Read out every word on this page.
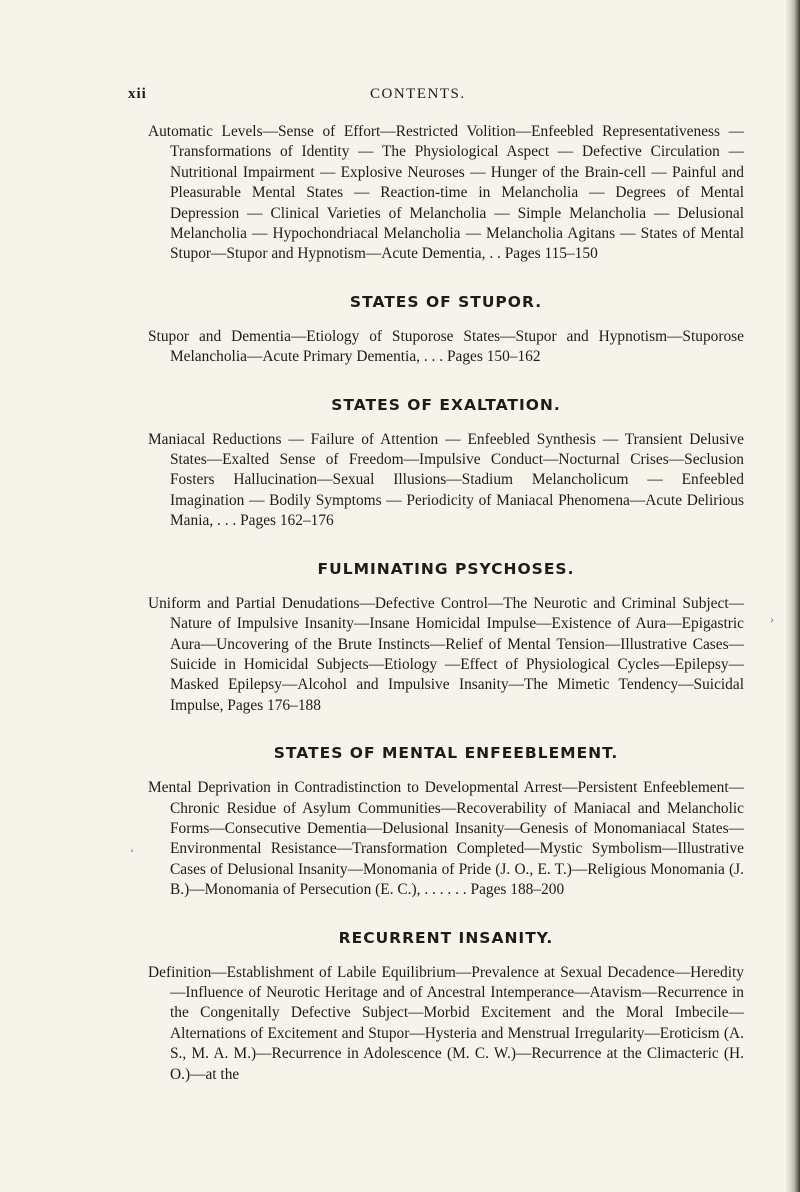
xii	CONTENTS.

Automatic Levels—Sense of Effort—Restricted Volition—Enfeebled Representativeness — Transformations of Identity — The Physiological Aspect — Defective Circulation — Nutritional Impairment — Explosive Neuroses — Hunger of the Brain-cell — Painful and Pleasurable Mental States — Reaction-time in Melancholia — Degrees of Mental Depression — Clinical Varieties of Melancholia — Simple Melancholia — Delusional Melancholia — Hypochondriacal Melancholia — Melancholia Agitans — States of Mental Stupor—Stupor and Hypnotism—Acute Dementia, . . Pages 115–150

STATES OF STUPOR.

Stupor and Dementia—Etiology of Stuporose States—Stupor and Hypnotism—Stuporose Melancholia—Acute Primary Dementia, . . . Pages 150–162

STATES OF EXALTATION.

Maniacal Reductions — Failure of Attention — Enfeebled Synthesis — Transient Delusive States—Exalted Sense of Freedom—Impulsive Conduct—Nocturnal Crises—Seclusion Fosters Hallucination—Sexual Illusions—Stadium Melancholicum — Enfeebled Imagination — Bodily Symptoms — Periodicity of Maniacal Phenomena—Acute Delirious Mania, . . . Pages 162–176

FULMINATING PSYCHOSES.

Uniform and Partial Denudations—Defective Control—The Neurotic and Criminal Subject—Nature of Impulsive Insanity—Insane Homicidal Impulse—Existence of Aura—Epigastric Aura—Uncovering of the Brute Instincts—Relief of Mental Tension—Illustrative Cases—Suicide in Homicidal Subjects—Etiology —Effect of Physiological Cycles—Epilepsy—Masked Epilepsy—Alcohol and Impulsive Insanity—The Mimetic Tendency—Suicidal Impulse, Pages 176–188

STATES OF MENTAL ENFEEBLEMENT.

Mental Deprivation in Contradistinction to Developmental Arrest—Persistent Enfeeblement—Chronic Residue of Asylum Communities—Recoverability of Maniacal and Melancholic Forms—Consecutive Dementia—Delusional Insanity—Genesis of Monomaniacal States—Environmental Resistance—Transformation Completed—Mystic Symbolism—Illustrative Cases of Delusional Insanity—Monomania of Pride (J. O., E. T.)—Religious Monomania (J. B.)—Monomania of Persecution (E. C.), . . . . . . Pages 188–200

RECURRENT INSANITY.

Definition—Establishment of Labile Equilibrium—Prevalence at Sexual Decadence—Heredity—Influence of Neurotic Heritage and of Ancestral Intemperance—Atavism—Recurrence in the Congenitally Defective Subject—Morbid Excitement and the Moral Imbecile—Alternations of Excitement and Stupor—Hysteria and Menstrual Irregularity—Eroticism (A. S., M. A. M.)—Recurrence in Adolescence (M. C. W.)—Recurrence at the Climacteric (H. O.)—at the

‘
›
